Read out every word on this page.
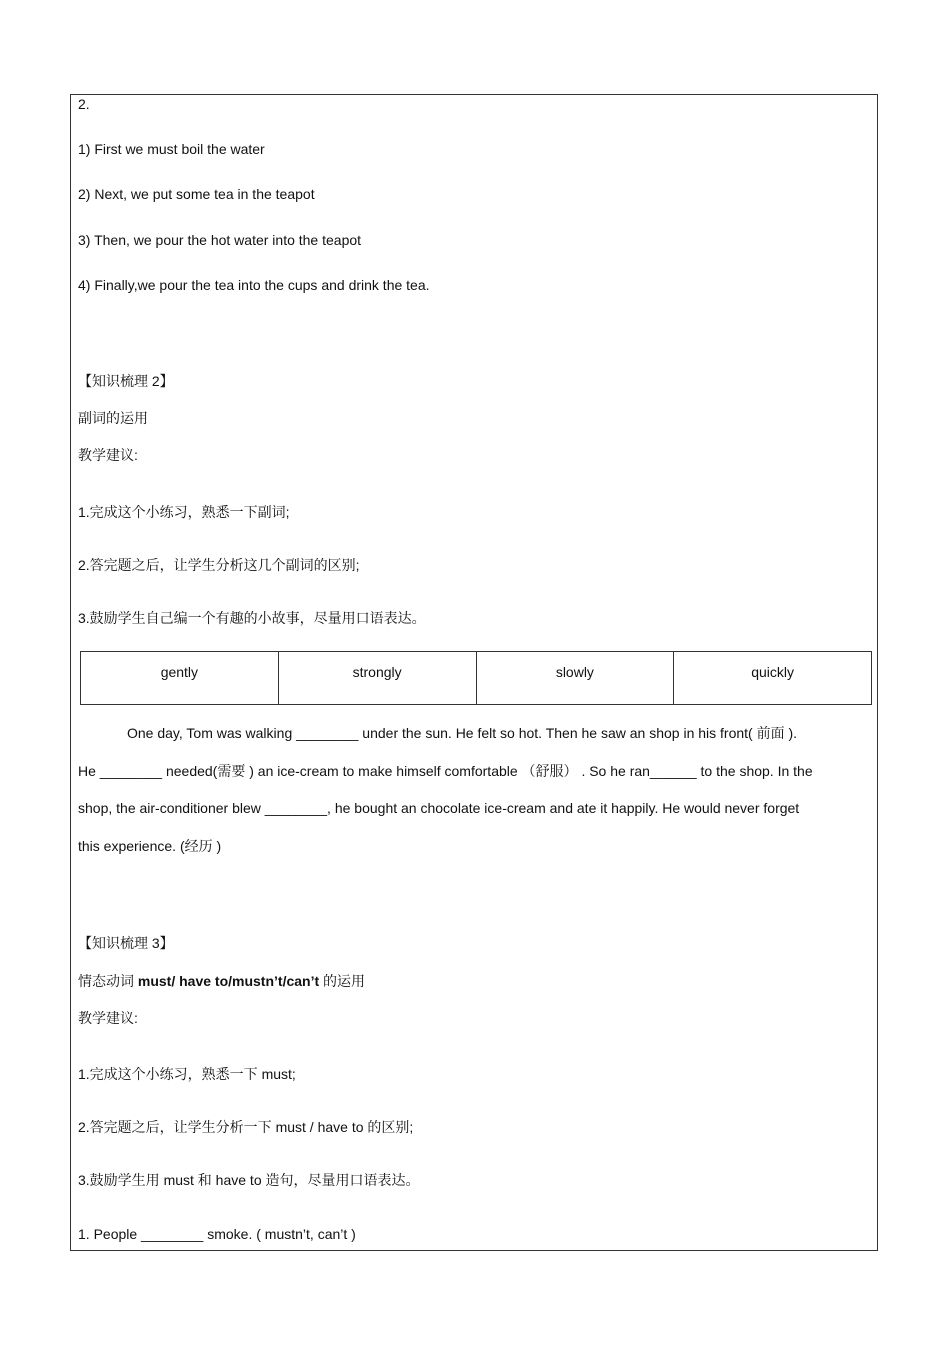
2.
1) First we must boil the water
2) Next, we put some tea in the teapot
3) Then, we pour the hot water into the teapot
4) Finally,we pour the tea into the cups and drink the tea.
【知识梳理 2】
副词的运用
教学建议:
1.完成这个小练习，熟悉一下副词;
2.答完题之后，让学生分析这几个副词的区别;
3.鼓励学生自己编一个有趣的小故事，尽量用口语表达。
gently	strongly	slowly	quickly

One day, Tom was walking ________ under the sun. He felt so hot. Then he saw an shop in his front( 前面 ).

He ________ needed(需要 ) an ice-cream to make himself comfortable （舒服） . So he ran______ to the shop. In the

shop, the air-conditioner blew ________, he bought an chocolate ice-cream and ate it happily. He would never forget

this experience. (经历 )

【知识梳理 3】
情态动词 must/ have to/mustn’t/can’t 的运用
教学建议:
1.完成这个小练习，熟悉一下 must;
2.答完题之后，让学生分析一下 must / have to 的区别;
3.鼓励学生用 must 和 have to 造句，尽量用口语表达。
1. People ________ smoke. ( mustn’t, can’t )
